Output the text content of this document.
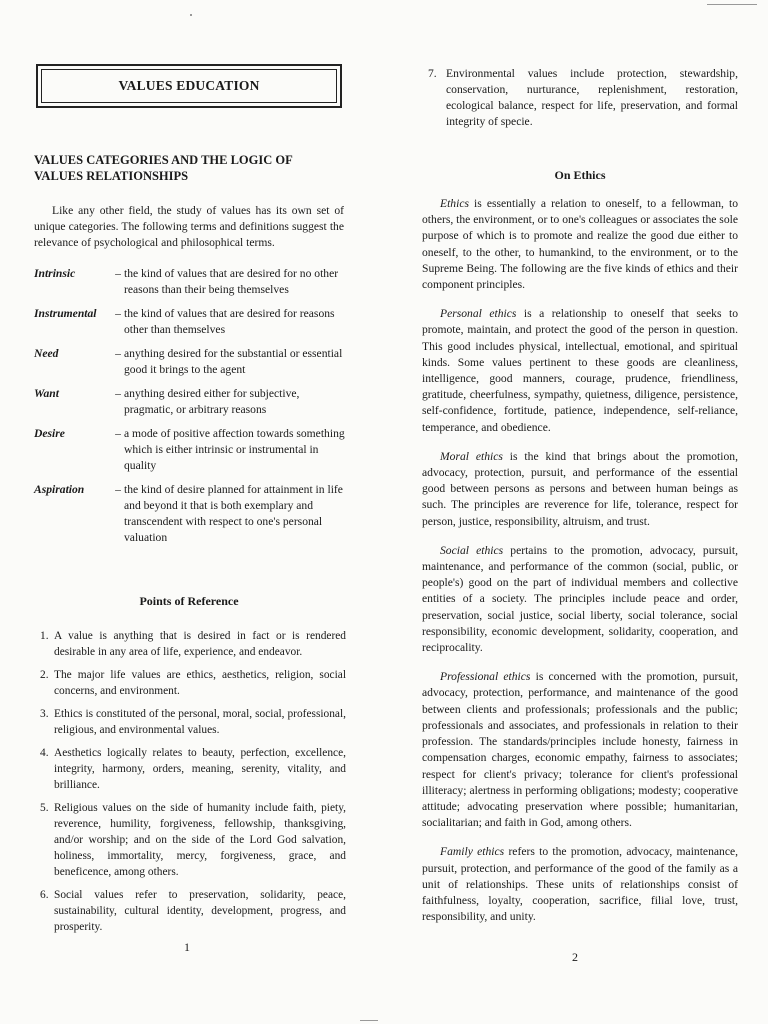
VALUES EDUCATION
VALUES CATEGORIES AND THE LOGIC OF VALUES RELATIONSHIPS

Like any other field, the study of values has its own set of unique categories. The following terms and definitions suggest the relevance of psychological and philosophical terms.

Intrinsic	– the kind of values that are desired for no other reasons than their being themselves
Instrumental	– the kind of values that are desired for reasons other than themselves
Need	– anything desired for the substantial or essential good it brings to the agent
Want	– anything desired either for subjective, pragmatic, or arbitrary reasons
Desire	– a mode of positive affection towards something which is either intrinsic or instrumental in quality
Aspiration	– the kind of desire planned for attainment in life and beyond it that is both exemplary and transcendent with respect to one's personal valuation
Points of Reference
1. A value is anything that is desired in fact or is rendered desirable in any area of life, experience, and endeavor.
2. The major life values are ethics, aesthetics, religion, social concerns, and environment.
3. Ethics is constituted of the personal, moral, social, professional, religious, and environmental values.
4. Aesthetics logically relates to beauty, perfection, excellence, integrity, harmony, orders, meaning, serenity, vitality, and brilliance.
5. Religious values on the side of humanity include faith, piety, reverence, humility, forgiveness, fellowship, thanksgiving, and/or worship; and on the side of the Lord God salvation, holiness, immortality, mercy, forgiveness, grace, and beneficence, among others.
6. Social values refer to preservation, solidarity, peace, sustainability, cultural identity, development, progress, and prosperity.
1
7. Environmental values include protection, stewardship, conservation, nurturance, replenishment, restoration, ecological balance, respect for life, preservation, and formal integrity of specie.
On Ethics

Ethics is essentially a relation to oneself, to a fellowman, to others, the environment, or to one's colleagues or associates the sole purpose of which is to promote and realize the good due either to oneself, to the other, to humankind, to the environment, or to the Supreme Being. The following are the five kinds of ethics and their component principles.

Personal ethics is a relationship to oneself that seeks to promote, maintain, and protect the good of the person in question. This good includes physical, intellectual, emotional, and spiritual kinds. Some values pertinent to these goods are cleanliness, intelligence, good manners, courage, prudence, friendliness, gratitude, cheerfulness, sympathy, quietness, diligence, persistence, self-confidence, fortitude, patience, independence, self-reliance, temperance, and obedience.

Moral ethics is the kind that brings about the promotion, advocacy, protection, pursuit, and performance of the essential good between persons as persons and between human beings as such. The principles are reverence for life, tolerance, respect for person, justice, responsibility, altruism, and trust.

Social ethics pertains to the promotion, advocacy, pursuit, maintenance, and performance of the common (social, public, or people's) good on the part of individual members and collective entities of a society. The principles include peace and order, preservation, social justice, social liberty, social tolerance, social responsibility, economic development, solidarity, cooperation, and reciprocality.

Professional ethics is concerned with the promotion, pursuit, advocacy, protection, performance, and maintenance of the good between clients and professionals; professionals and the public; professionals and associates, and professionals in relation to their profession. The standards/principles include honesty, fairness in compensation charges, economic empathy, fairness to associates; respect for client's privacy; tolerance for client's professional illiteracy; alertness in performing obligations; modesty; cooperative attitude; advocating preservation where possible; humanitarian, socialitarian; and faith in God, among others.

Family ethics refers to the promotion, advocacy, maintenance, pursuit, protection, and performance of the good of the family as a unit of relationships. These units of relationships consist of faithfulness, loyalty, cooperation, sacrifice, filial love, trust, responsibility, and unity.

2
